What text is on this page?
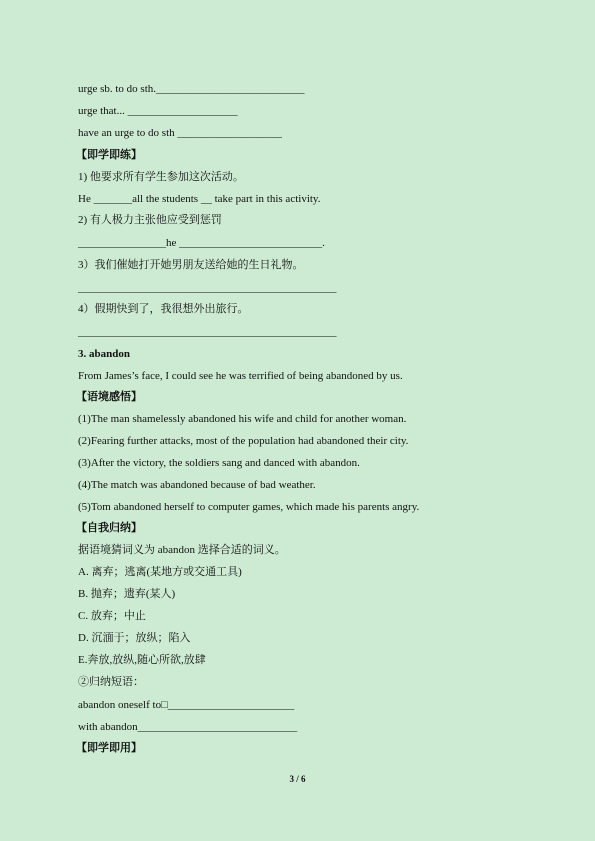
urge sb. to do sth.___________________________
urge that... ____________________
have an urge to do sth ___________________
【即学即练】
1) 他要求所有学生参加这次活动。
He _______all the students __ take part in this activity.
2) 有人极力主张他应受到惩罚
________________he __________________________.
3）我们催她打开她男朋友送给她的生日礼物。
_______________________________________________
4）假期快到了，我很想外出旅行。
_______________________________________________
3. abandon
From James’s face, I could see he was terrified of being abandoned by us.
【语境感悟】
(1)The man shamelessly abandoned his wife and child for another woman.
(2)Fearing further attacks, most of the population had abandoned their city.
(3)After the victory, the soldiers sang and danced with abandon.
(4)The match was abandoned because of bad weather.
(5)Tom abandoned herself to computer games, which made his parents angry.
【自我归纳】
据语境猜词义为 abandon 选择合适的词义。
A. 离弃；逃离(某地方或交通工具)
B. 抛弃；遗弃(某人)
C. 放弃；中止
D. 沉湎于；放纵；陷入
E.奔放,放纵,随心所欲,放肆
②归纳短语：
abandon oneself to□_______________________
with abandon_____________________________
【即学即用】
3 / 6
